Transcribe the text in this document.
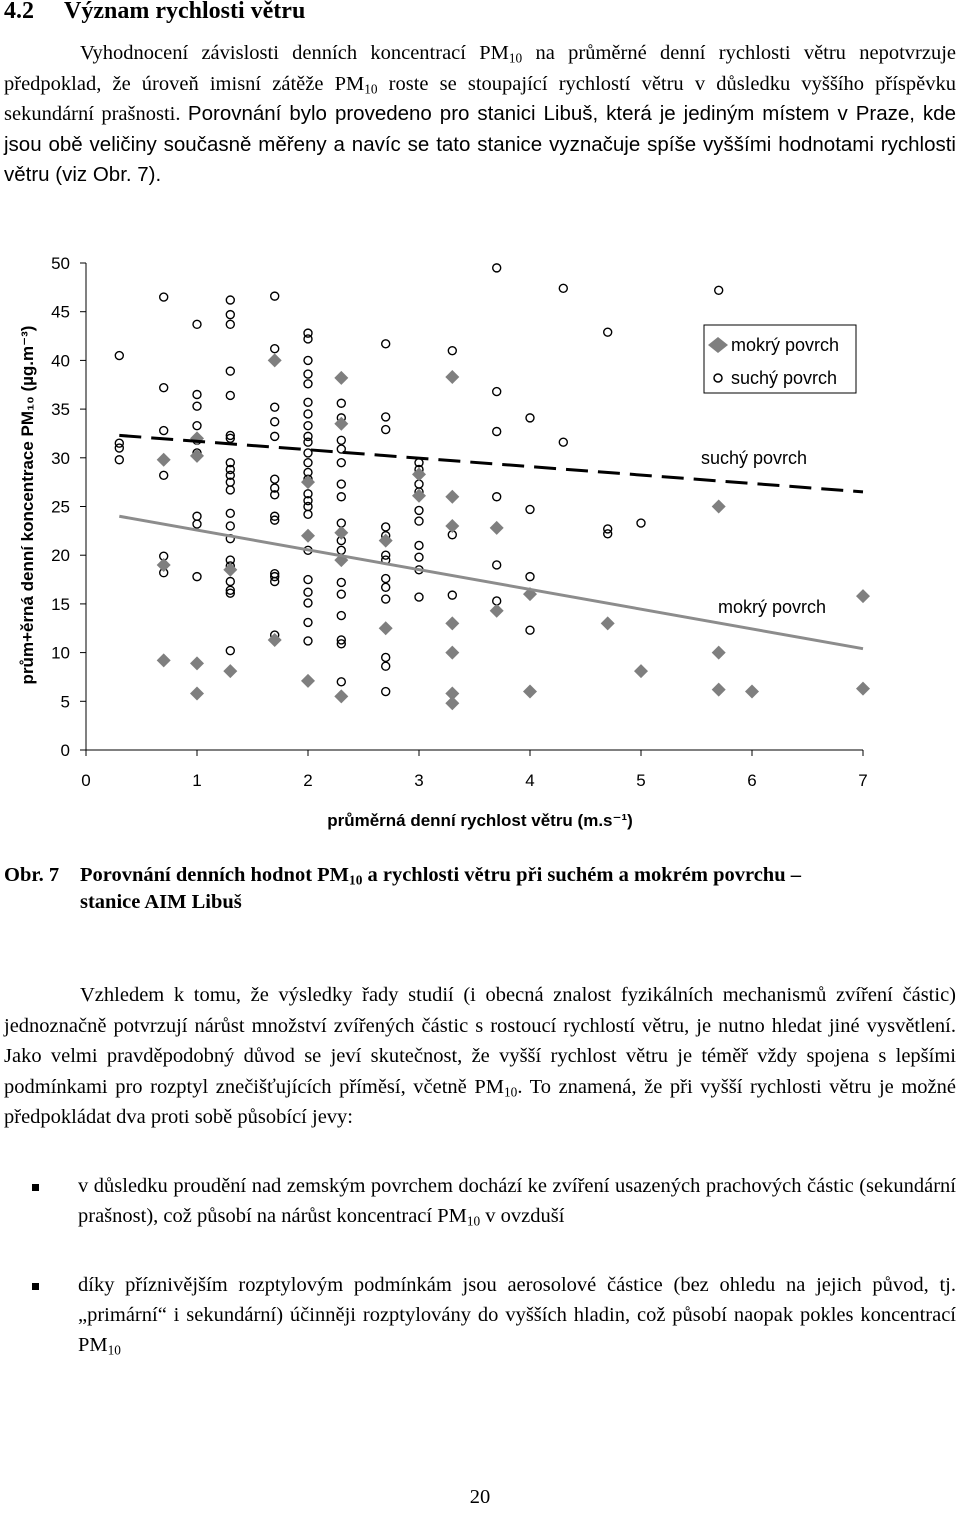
4.2 Význam rychlosti větru

Vyhodnocení závislosti denních koncentrací $PM_{10}$ na průměrné denní rychlosti větru nepotvrzuje předpoklad, že úroveň imisní zátěže $PM_{10}$ roste se stoupající rychlostí větru v důsledku vyššího příspěvku sekundární prašnosti. Porovnání bylo provedeno pro stanici Libuš, která je jediným místem v Praze, kde jsou obě veličiny současně měřeny a navíc se tato stanice vyznačuje spíše vyššími hodnotami rychlosti větru (viz Obr. 7).

0
5
10
15
20
25
30
35
40
45
50
0	1	2	3	4	5	6	7
mokrý povrch
suchý povrch
suchý povrch
mokrý povrch
průměrná denní rychlost větru (m.s⁻¹)
prům+ěrná denní koncentrace PM₁₀ (µg.m⁻³)
Obr. 7 Porovnání denních hodnot $PM_{10}$ a rychlosti větru při suchém a mokrém povrchu –
stanice AIM Libuš

Vzhledem k tomu, že výsledky řady studií (i obecná znalost fyzikálních mechanismů zvíření částic) jednoznačně potvrzují nárůst množství zvířených částic s rostoucí rychlostí větru, je nutno hledat jiné vysvětlení. Jako velmi pravděpodobný důvod se jeví skutečnost, že vyšší rychlost větru je téměř vždy spojena s lepšími podmínkami pro rozptyl znečišťujících příměsí, včetně $PM_{10}$. To znamená, že při vyšší rychlosti větru je možné předpokládat dva proti sobě působící jevy:

v důsledku proudění nad zemským povrchem dochází ke zvíření usazených prachových částic (sekundární prašnost), což působí na nárůst koncentrací $PM_{10}$ v ovzduší
díky příznivějším rozptylovým podmínkám jsou aerosolové částice (bez ohledu na jejich původ, tj. „primární“ i sekundární) účinněji rozptylovány do vyšších hladin, což působí naopak pokles koncentrací $PM_{10}$
20
